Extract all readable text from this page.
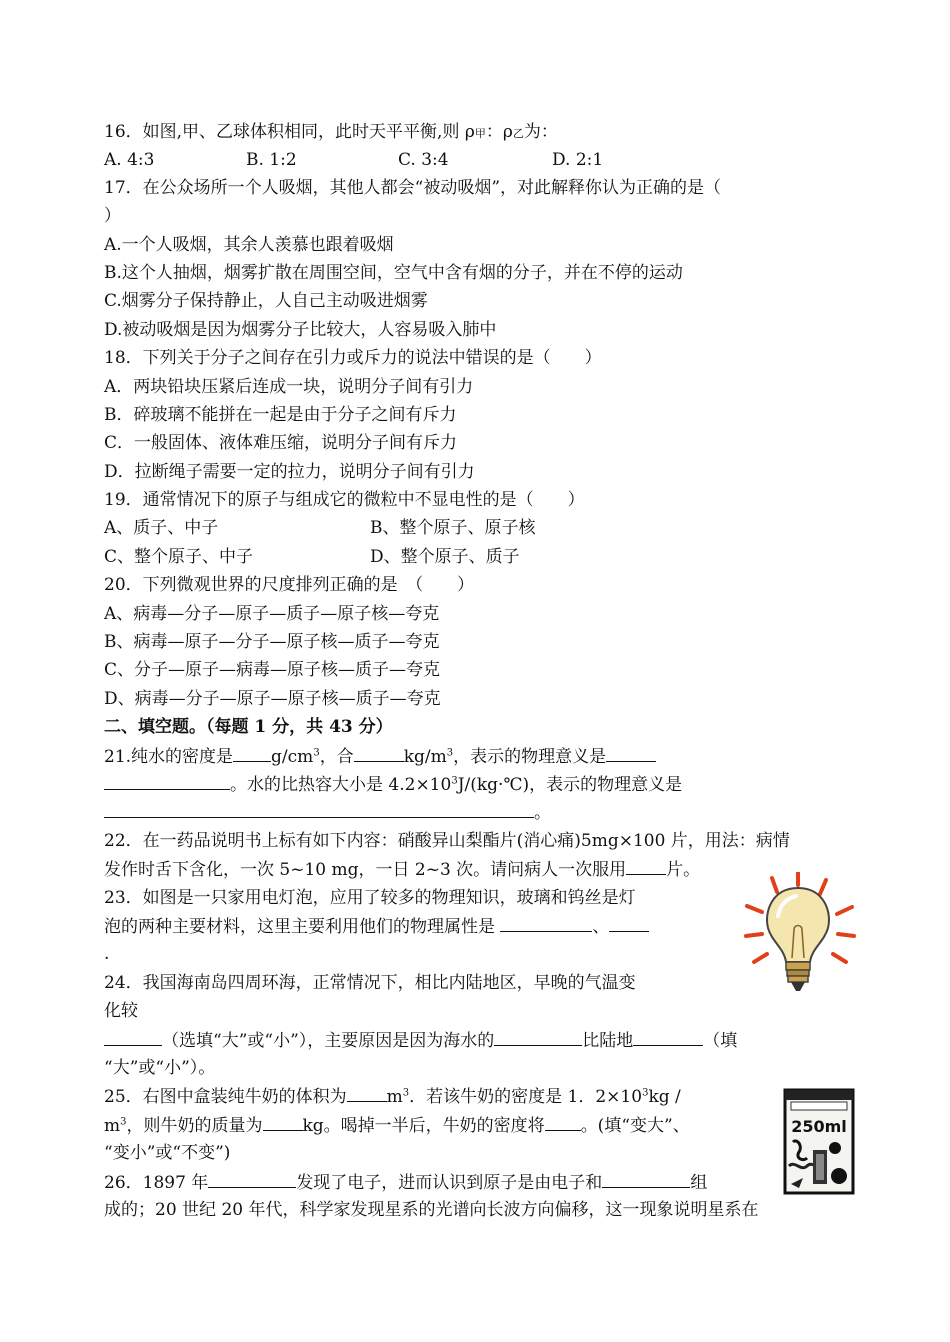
16．如图,甲、乙球体积相同，此时天平平衡,则 ρ甲：ρ乙为：
A. 4:3	B. 1:2	C. 3:4	D. 2:1
17．在公众场所一个人吸烟，其他人都会“被动吸烟”，对此解释你认为正确的是（
）
A.一个人吸烟，其余人羡慕也跟着吸烟
B.这个人抽烟，烟雾扩散在周围空间，空气中含有烟的分子，并在不停的运动
C.烟雾分子保持静止，人自己主动吸进烟雾
D.被动吸烟是因为烟雾分子比较大，人容易吸入肺中
18．下列关于分子之间存在引力或斥力的说法中错误的是（　　）
A．两块铅块压紧后连成一块，说明分子间有引力
B．碎玻璃不能拼在一起是由于分子之间有斥力
C．一般固体、液体难压缩，说明分子间有斥力
D．拉断绳子需要一定的拉力，说明分子间有引力
19．通常情况下的原子与组成它的微粒中不显电性的是（　　）
A、质子、中子	B、整个原子、原子核
C、整个原子、中子	D、整个原子、质子
20．下列微观世界的尺度排列正确的是　（　　）
A、病毒—分子—原子—质子—原子核—夸克
B、病毒—原子—分子—原子核—质子—夸克
C、分子—原子—病毒—原子核—质子—夸克
D、病毒—分子—原子—原子核—质子—夸克
二、填空题。（每题 1 分，共 43 分）
21.纯水的密度是 $g/cm^3$，合	$kg/m^3$，表示的物理意义是
。水的比热容大小是 $4.2\times 10^3J/(kg\cdot℃)$，表示的物理意义是
。
22．在一药品说明书上标有如下内容：硝酸异山梨酯片(消心痛)5mg×100 片，用法：病情
发作时舌下含化，一次 5~10 mg，一日 2~3 次。请问病人一次服用 片。
23．如图是一只家用电灯泡，应用了较多的物理知识，玻璃和钨丝是灯
泡的两种主要材料，这里主要利用他们的物理属性是	、
.
24．我国海南岛四周环海，正常情况下，相比内陆地区，早晚的气温变
化较
（选填“大”或“小”），主要原因是因为海水的	比陆地	（填
“大”或“小”）。
25．右图中盒装纯牛奶的体积为 $m^3$．若该牛奶的密度是 1．$2\times 10^3kg$ /
$m^3$，则牛奶的质量为 kg。喝掉一半后，牛奶的密度将 。(填“变大”、
“变小”或“不变”)
250ml
26．1897 年	发现了电子，进而认识到原子是由电子和	组
成的；20 世纪 20 年代，科学家发现星系的光谱向长波方向偏移，这一现象说明星系在
